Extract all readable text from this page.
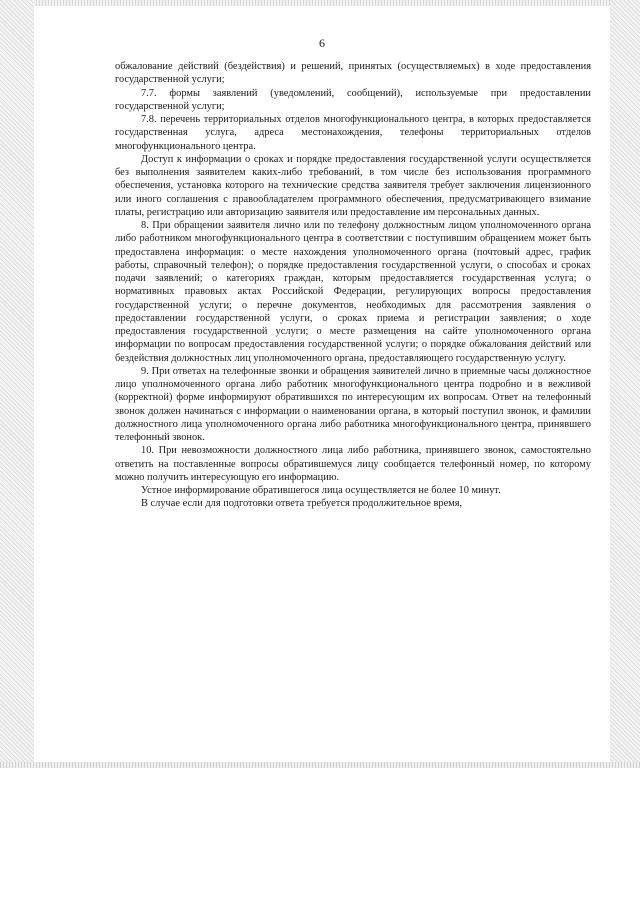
6

обжалование действий (бездействия) и решений, принятых (осуществляемых) в ходе предоставления государственной услуги;

7.7. формы заявлений (уведомлений, сообщений), используемые при предоставлении государственной услуги;

7.8. перечень территориальных отделов многофункционального центра, в которых предоставляется государственная услуга, адреса местонахождения, телефоны территориальных отделов многофункционального центра.

Доступ к информации о сроках и порядке предоставления государственной услуги осуществляется без выполнения заявителем каких-либо требований, в том числе без использования программного обеспечения, установка которого на технические средства заявителя требует заключения лицензионного или иного соглашения с правообладателем программного обеспечения, предусматривающего взимание платы, регистрацию или авторизацию заявителя или предоставление им персональных данных.

8. При обращении заявителя лично или по телефону должностным лицом уполномоченного органа либо работником многофункционального центра в соответствии с поступившим обращением может быть предоставлена информация: о месте нахождения уполномоченного органа (почтовый адрес, график работы, справочный телефон); о порядке предоставления государственной услуги, о способах и сроках подачи заявлений; о категориях граждан, которым предоставляется государственная услуга; о нормативных правовых актах Российской Федерации, регулирующих вопросы предоставления государственной услуги; о перечне документов, необходимых для рассмотрения заявления о предоставлении государственной услуги, о сроках приема и регистрации заявления; о ходе предоставления государственной услуги; о месте размещения на сайте уполномоченного органа информации по вопросам предоставления государственной услуги; о порядке обжалования действий или бездействия должностных лиц уполномоченного органа, предоставляющего государственную услугу.

9. При ответах на телефонные звонки и обращения заявителей лично в приемные часы должностное лицо уполномоченного органа либо работник многофункционального центра подробно и в вежливой (корректной) форме информируют обратившихся по интересующим их вопросам. Ответ на телефонный звонок должен начинаться с информации о наименовании органа, в который поступил звонок, и фамилии должностного лица уполномоченного органа либо работника многофункционального центра, принявшего телефонный звонок.

10. При невозможности должностного лица либо работника, принявшего звонок, самостоятельно ответить на поставленные вопросы обратившемуся лицу сообщается телефонный номер, по которому можно получить интересующую его информацию.

Устное информирование обратившегося лица осуществляется не более 10 минут.

В случае если для подготовки ответа требуется продолжительное время,
